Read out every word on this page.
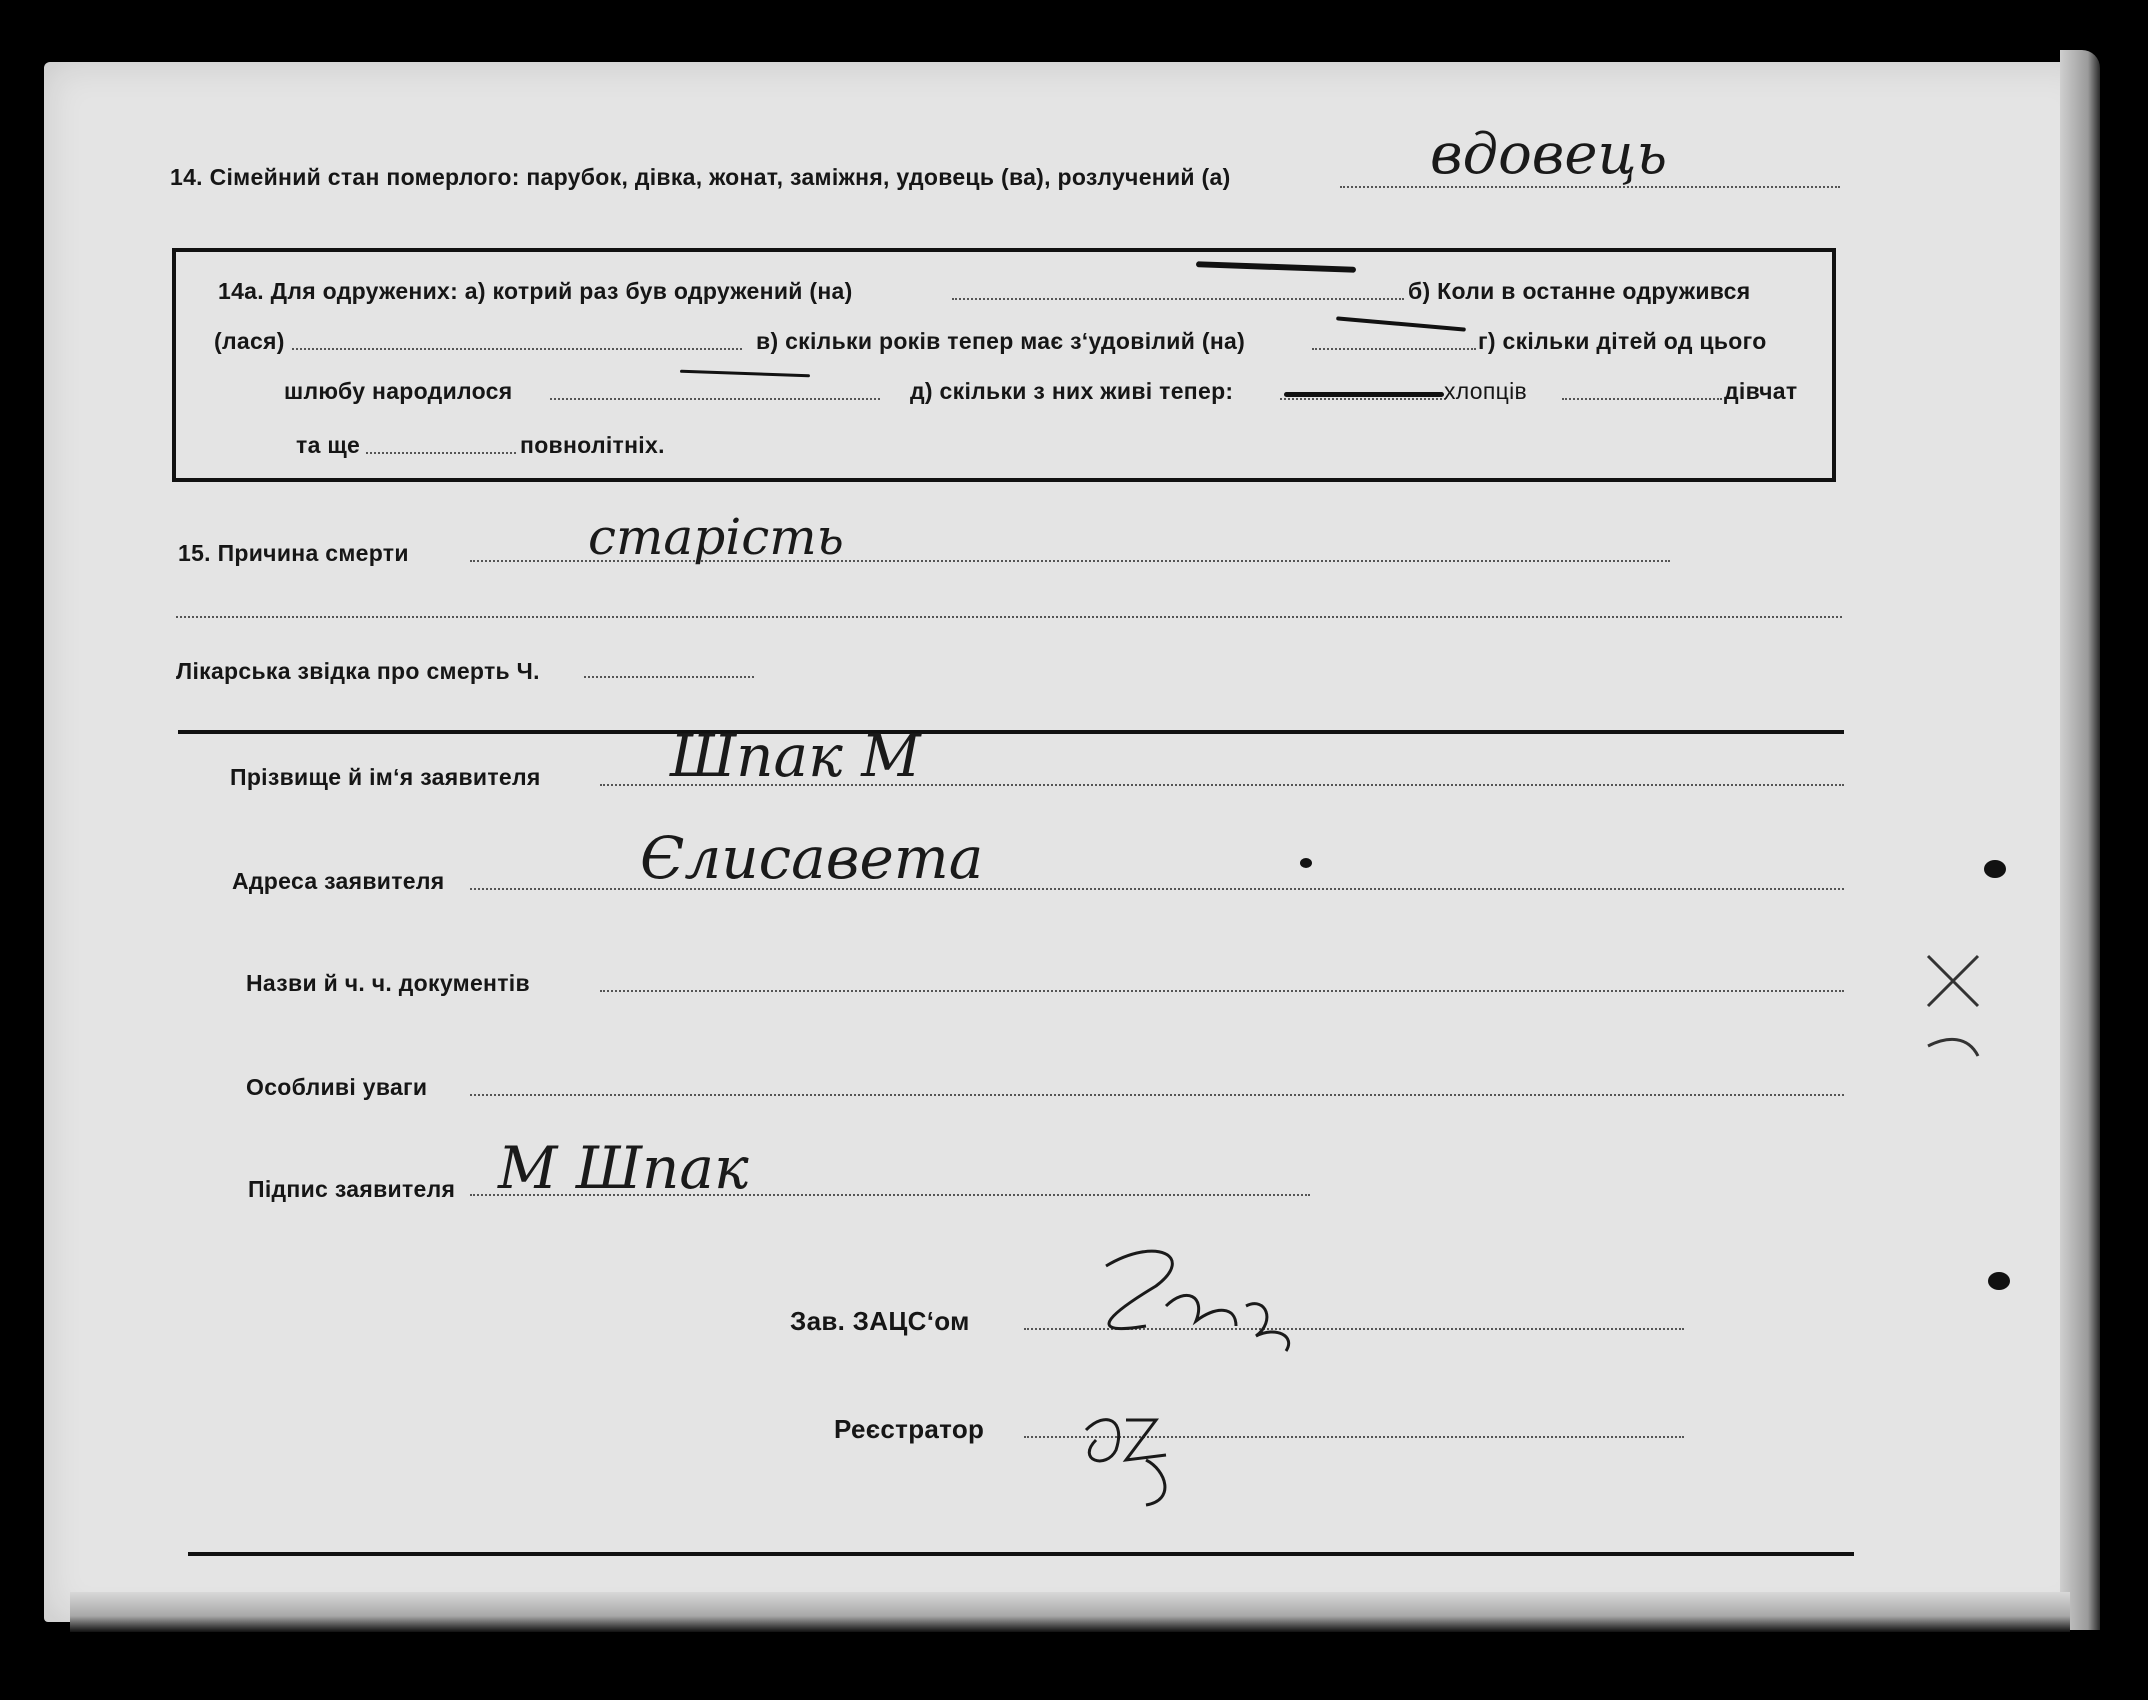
14. Сімейний стан померлого: парубок, дівка, жонат, заміжня, удовець (ва), розлучений (а)	вдовець
14а. Для одружених: а) котрий раз був одружений (на)	б) Коли в останне одружився
(лася)	в) скільки років тепер має з‘удовілий (на)	г) скільки дітей од цього
шлюбу народилося	д) скільки з них живі тепер:	хлопців	дівчат
та ще	повнолітніх.
15. Причина смерти	старість
Лікарська звідка про смерть Ч.
Прізвище й ім‘я заявителя Шпак М
Адреса заявителя	Єлисавета
Назви й ч. ч. документів
Особливі уваги
Підпис заявителя М Шпак
Зав. ЗАЦС‘ом
Реєстратор
